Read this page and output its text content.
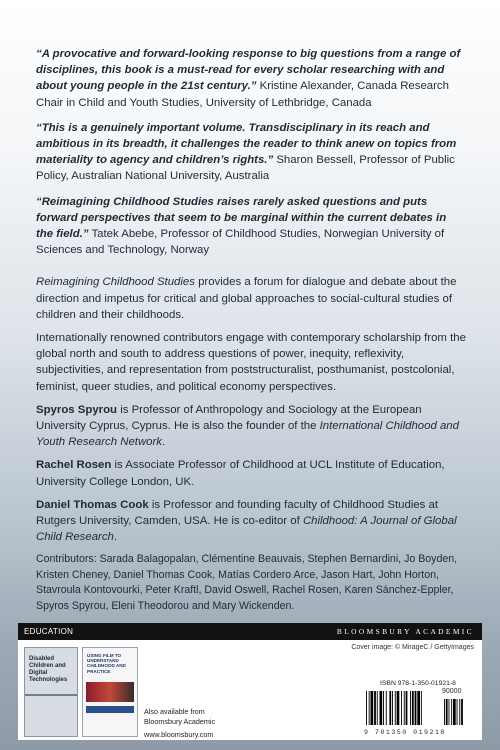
“A provocative and forward-looking response to big questions from a range of disciplines, this book is a must-read for every scholar researching with and about young people in the 21st century.” Kristine Alexander, Canada Research Chair in Child and Youth Studies, University of Lethbridge, Canada

“This is a genuinely important volume. Transdisciplinary in its reach and ambitious in its breadth, it challenges the reader to think anew on topics from materiality to agency and children’s rights.” Sharon Bessell, Professor of Public Policy, Australian National University, Australia

“Reimagining Childhood Studies raises rarely asked questions and puts forward perspectives that seem to be marginal within the current debates in the field.” Tatek Abebe, Professor of Childhood Studies, Norwegian University of Sciences and Technology, Norway

Reimagining Childhood Studies provides a forum for dialogue and debate about the direction and impetus for critical and global approaches to social-cultural studies of children and their childhoods.

Internationally renowned contributors engage with contemporary scholarship from the global north and south to address questions of power, inequity, reflexivity, subjectivities, and representation from poststructuralist, posthumanist, postcolonial, feminist, queer studies, and political economy perspectives.

Spyros Spyrou is Professor of Anthropology and Sociology at the European University Cyprus, Cyprus. He is also the founder of the International Childhood and Youth Research Network.

Rachel Rosen is Associate Professor of Childhood at UCL Institute of Education, University College London, UK.

Daniel Thomas Cook is Professor and founding faculty of Childhood Studies at Rutgers University, Camden, USA. He is co-editor of Childhood: A Journal of Global Child Research.

Contributors: Sarada Balagopalan, Clémentine Beauvais, Stephen Bernardini, Jo Boyden, Kristen Cheney, Daniel Thomas Cook, Matías Cordero Arce, Jason Hart, John Horton, Stavroula Kontovourki, Peter Kraftl, David Oswell, Rachel Rosen, Karen Sánchez-Eppler, Spyros Spyrou, Eleni Theodorou and Mary Wickenden.

EDUCATION	BLOOMSBURY ACADEMIC
Cover image: © MirageC / GettyImages
Disabled Children and Digital Technologies
USING FILM TO UNDERSTAND CHILDHOOD AND PRACTICE
Also available from
Bloomsbury Academic
www.bloomsbury.com
ISBN 978-1-350-01921-8
90000
9 781350 019218
